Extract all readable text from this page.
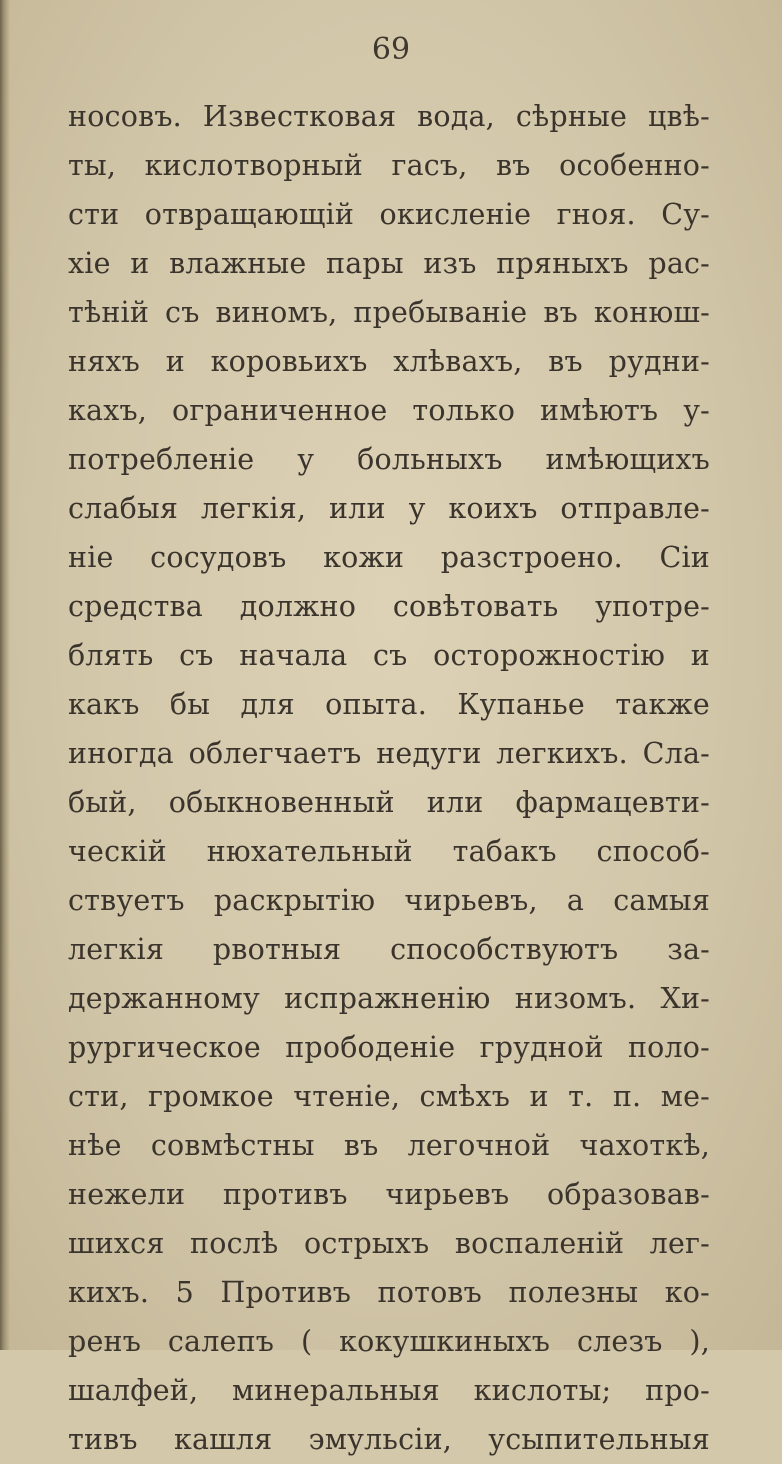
69
носовъ. Известковая вода, сѣрные цвѣ-
ты, кислотворный гасъ, въ особенно-
сти отвращающiй окисленiе гноя. Су-
хiе и влажные пары изъ пряныхъ рас-
тѣнiй съ виномъ, пребыванiе въ конюш-
няхъ и коровьихъ хлѣвахъ, въ рудни-
кахъ, ограниченное только имѣютъ у-
потребленiе у больныхъ имѣющихъ
слабыя легкiя, или у коихъ отправле-
нiе сосудовъ кожи разстроено. Сiи
средства должно совѣтовать употре-
блять съ начала съ осторожностiю и
какъ бы для опыта. Купанье также
иногда облегчаетъ недуги легкихъ. Сла-
бый, обыкновенный или фармацевти-
ческiй нюхательный табакъ способ-
ствуетъ раскрытiю чирьевъ, а самыя
легкiя рвотныя способствуютъ за-
держанному испражненiю низомъ. Хи-
рургическое прободенiе грудной поло-
сти, громкое чтенiе, смѣхъ и т. п. ме-
нѣе совмѣстны въ легочной чахоткѣ,
нежели противъ чирьевъ образовав-
шихся послѣ острыхъ воспаленiй лег-
кихъ. 5 Противъ потовъ полезны ко-
ренъ салепъ ( кокушкиныхъ слезъ ),
шалфей, минеральныя кислоты; про-
тивъ кашля эмульсiи, усыпительныя
